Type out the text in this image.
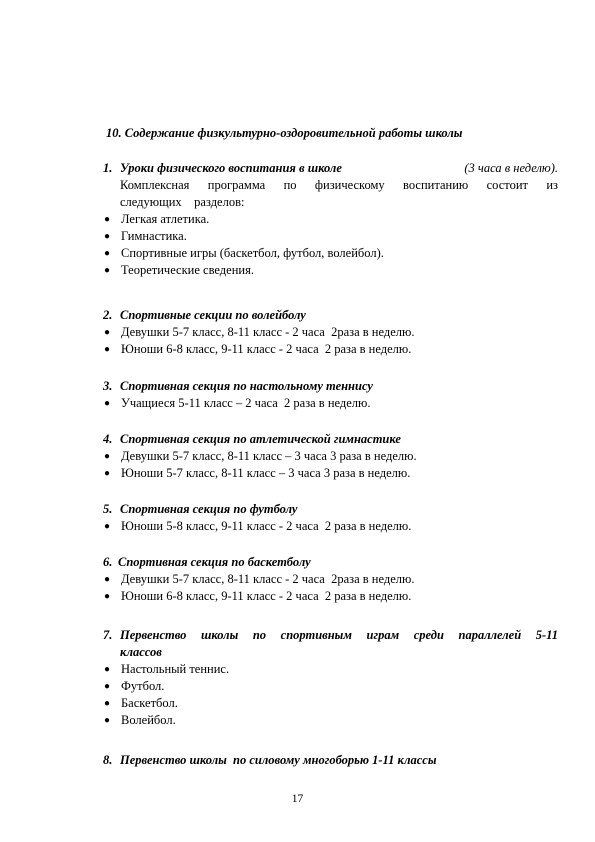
10. Содержание физкультурно-оздоровительной работы школы
1. Уроки физического воспитания в школе	(3 часа в неделю).
Комплексная программа по физическому воспитанию состоит из
следующих    разделов:
● Легкая атлетика.
● Гимнастика.
● Спортивные игры (баскетбол, футбол, волейбол).
● Теоретические сведения.
2. Спортивные секции по волейболу
● Девушки 5-7 класс, 8-11 класс - 2 часа  2раза в неделю.
● Юноши 6-8 класс, 9-11 класс - 2 часа  2 раза в неделю.
3. Спортивная секция по настольному теннису
● Учащиеся 5-11 класс – 2 часа  2 раза в неделю.
4. Спортивная секция по атлетической гимнастике
● Девушки 5-7 класс, 8-11 класс – 3 часа 3 раза в неделю.
● Юноши 5-7 класс, 8-11 класс – 3 часа 3 раза в неделю.
5. Спортивная секция по футболу
● Юноши 5-8 класс, 9-11 класс - 2 часа  2 раза в неделю.
6. Спортивная секция по баскетболу
● Девушки 5-7 класс, 8-11 класс - 2 часа  2раза в неделю.
● Юноши 6-8 класс, 9-11 класс - 2 часа  2 раза в неделю.
7. Первенство школы по спортивным играм среди параллелей 5-11
классов
● Настольный теннис.
● Футбол.
● Баскетбол.
● Волейбол.
8. Первенство школы  по силовому многоборью 1-11 классы
17
